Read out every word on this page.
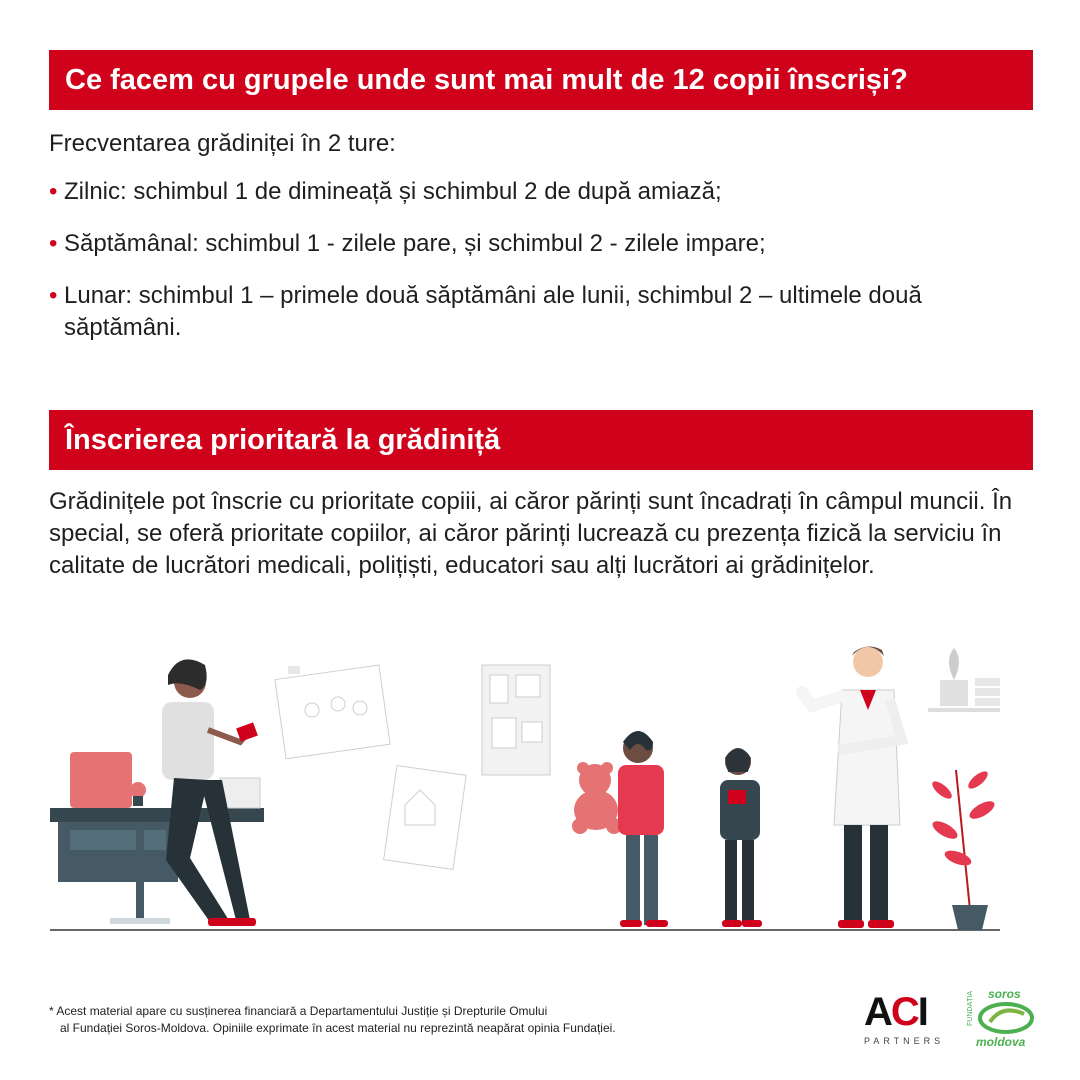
Ce facem cu grupele unde sunt mai mult de 12 copii înscriși?
Frecventarea grădiniței în 2 ture:
• Zilnic: schimbul 1 de dimineață și schimbul 2 de după amiază;
• Săptămânal: schimbul 1 - zilele pare, și schimbul 2 - zilele impare;
• Lunar: schimbul 1 – primele două săptămâni ale lunii, schimbul 2 – ultimele două săptămâni.
Înscrierea prioritară la grădiniță
Grădinițele pot înscrie cu prioritate copiii, ai căror părinți sunt încadrați în câmpul muncii. În special, se oferă prioritate copiilor, ai căror părinți lucrează cu prezența fizică la serviciu în calitate de lucrători medicali, polițiști, educatori sau alți lucrători ai grădinițelor.
* Acest material apare cu susținerea financiară a Departamentului Justiție și Drepturile Omului
al Fundației Soros-Moldova. Opiniile exprimate în acest material nu reprezintă neapărat opinia Fundației.	ACI
PARTNERS
FUNDAȚIA soros
moldova
